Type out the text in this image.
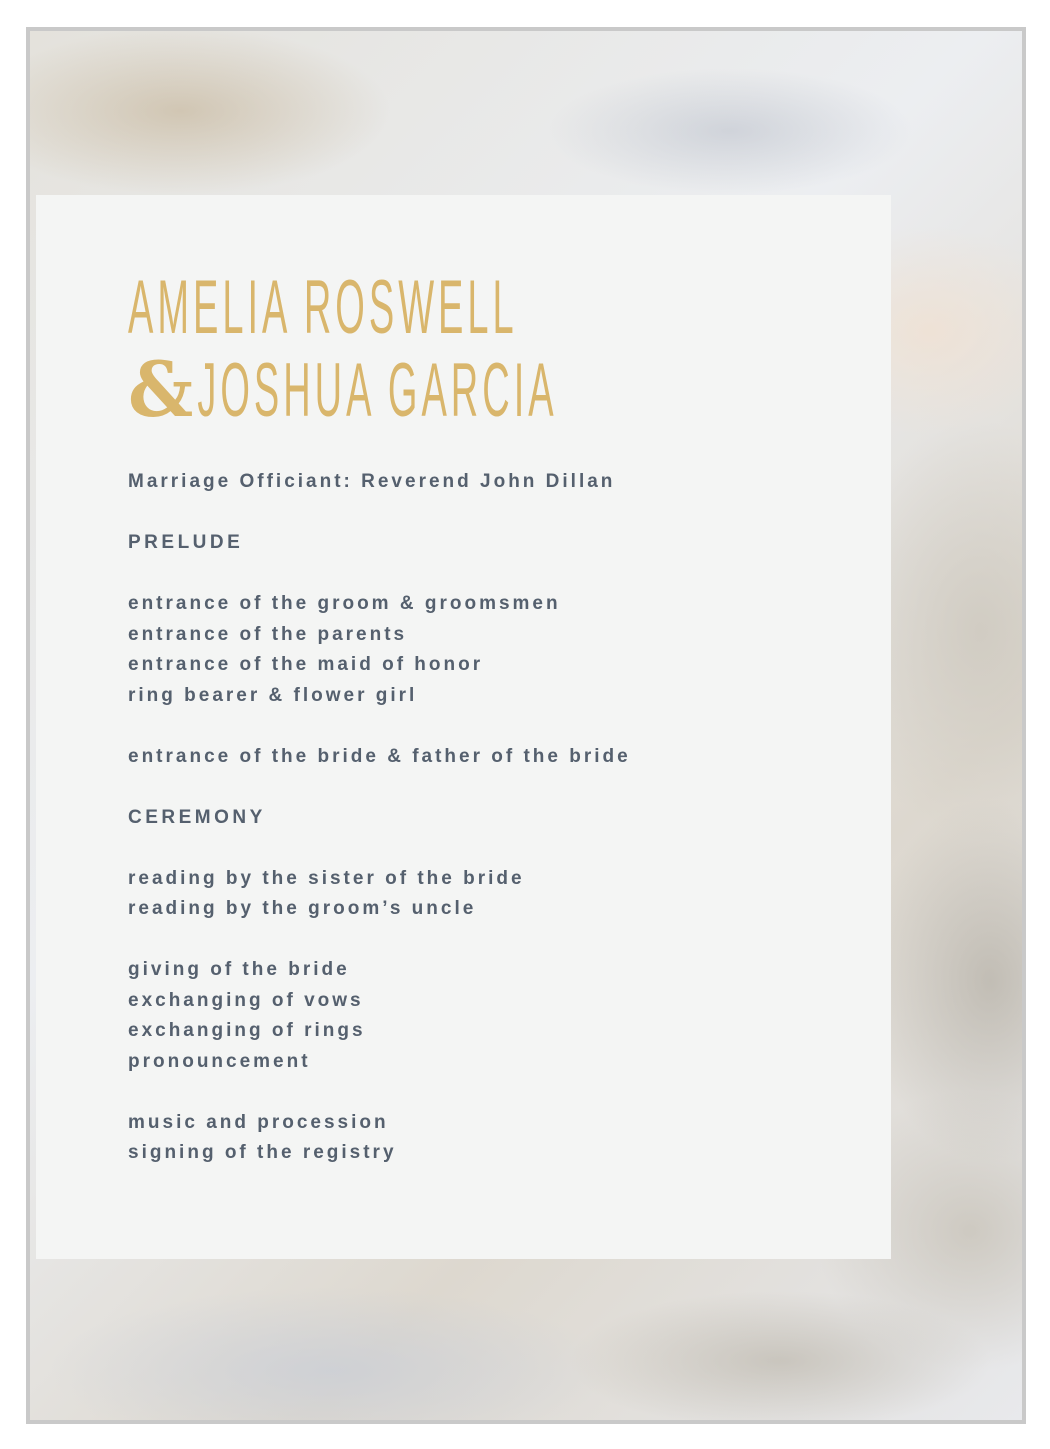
AMELIA ROSWELL
&JOSHUA GARCIA
Marriage Officiant: Reverend John Dillan
PRELUDE
entrance of the groom & groomsmen
entrance of the parents
entrance of the maid of honor
ring bearer & flower girl
entrance of the bride & father of the bride
CEREMONY
reading by the sister of the bride
reading by the groom’s uncle
giving of the bride
exchanging of vows
exchanging of rings
pronouncement
music and procession
signing of the registry
